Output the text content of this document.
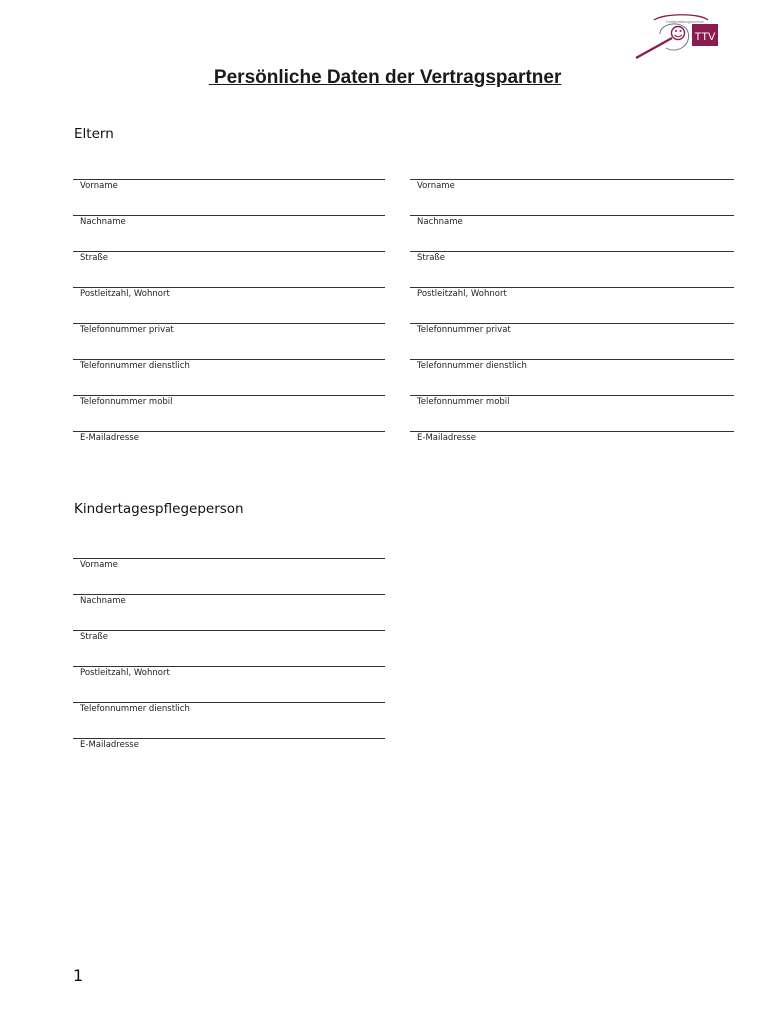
Familienbildungszentrum
TTV
Persönliche Daten der Vertragspartner
Eltern
Vorname
Nachname
Straße
Postleitzahl, Wohnort
Telefonnummer privat
Telefonnummer dienstlich
Telefonnummer mobil
E-Mailadresse
Vorname
Nachname
Straße
Postleitzahl, Wohnort
Telefonnummer privat
Telefonnummer dienstlich
Telefonnummer mobil
E-Mailadresse
Kindertagespflegeperson
Vorname
Nachname
Straße
Postleitzahl, Wohnort
Telefonnummer dienstlich
E-Mailadresse
1
